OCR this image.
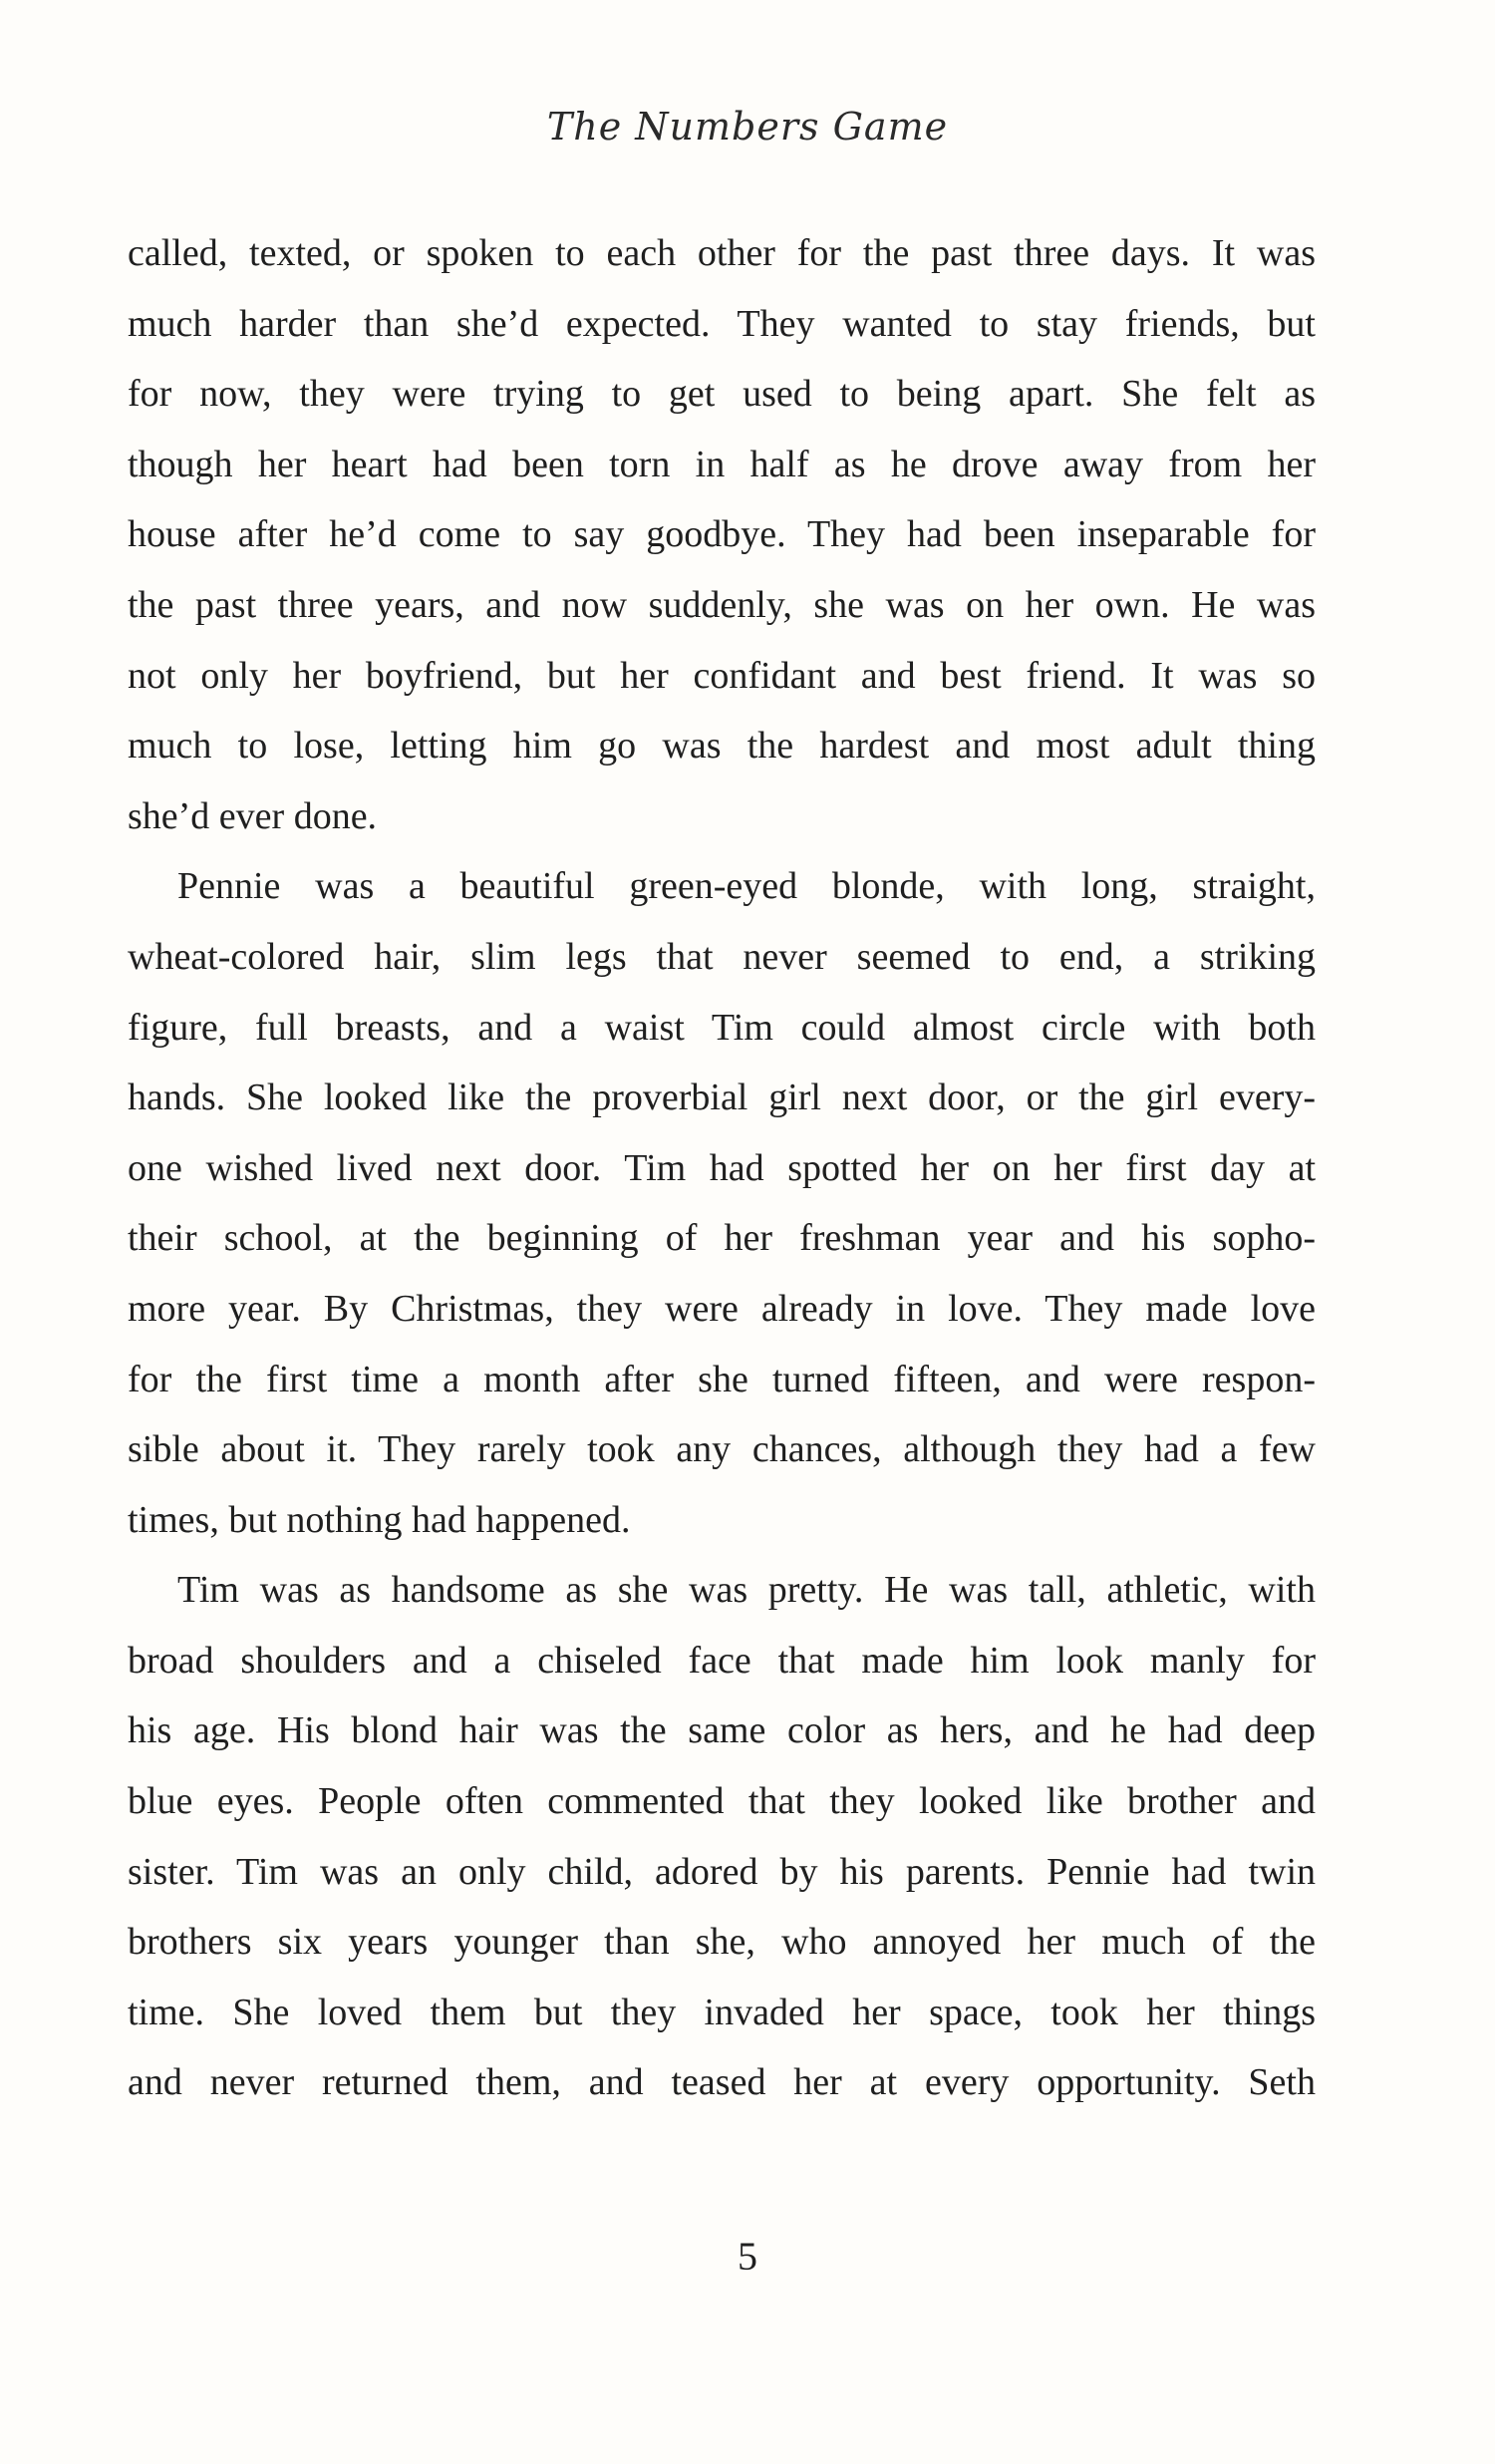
The Numbers Game
called, texted, or spoken to each other for the past three days. It was
much harder than she’d expected. They wanted to stay friends, but
for now, they were trying to get used to being apart. She felt as
though her heart had been torn in half as he drove away from her
house after he’d come to say goodbye. They had been inseparable for
the past three years, and now suddenly, she was on her own. He was
not only her boyfriend, but her confidant and best friend. It was so
much to lose, letting him go was the hardest and most adult thing
she’d ever done.
Pennie was a beautiful green-eyed blonde, with long, straight,
wheat-colored hair, slim legs that never seemed to end, a striking
figure, full breasts, and a waist Tim could almost circle with both
hands. She looked like the proverbial girl next door, or the girl every-
one wished lived next door. Tim had spotted her on her first day at
their school, at the beginning of her freshman year and his sopho-
more year. By Christmas, they were already in love. They made love
for the first time a month after she turned fifteen, and were respon-
sible about it. They rarely took any chances, although they had a few
times, but nothing had happened.
Tim was as handsome as she was pretty. He was tall, athletic, with
broad shoulders and a chiseled face that made him look manly for
his age. His blond hair was the same color as hers, and he had deep
blue eyes. People often commented that they looked like brother and
sister. Tim was an only child, adored by his parents. Pennie had twin
brothers six years younger than she, who annoyed her much of the
time. She loved them but they invaded her space, took her things
and never returned them, and teased her at every opportunity. Seth
5
